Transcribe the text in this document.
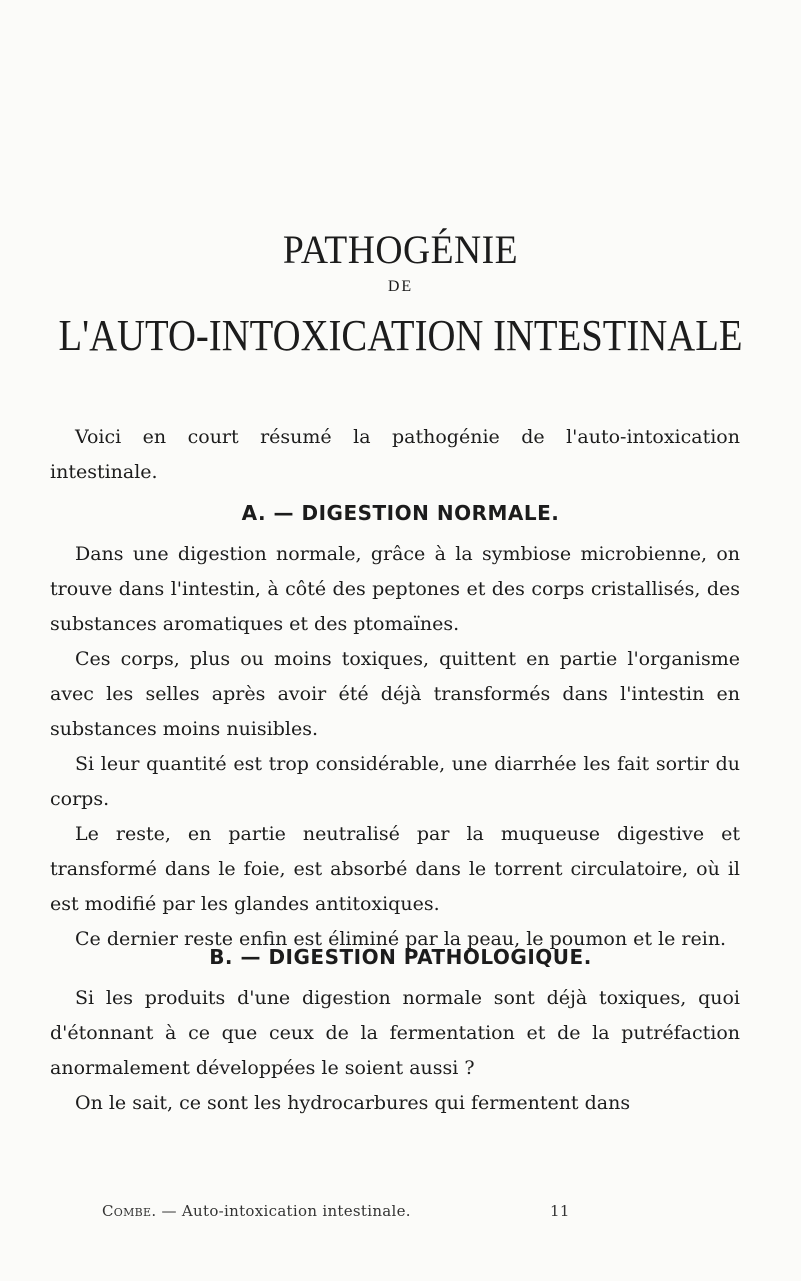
PATHOGÉNIE
DE
L'AUTO-INTOXICATION INTESTINALE

Voici en court résumé la pathogénie de l'auto-intoxication intestinale.

A. — DIGESTION NORMALE.

Dans une digestion normale, grâce à la symbiose microbienne, on trouve dans l'intestin, à côté des peptones et des corps cristallisés, des substances aromatiques et des ptomaïnes.

Ces corps, plus ou moins toxiques, quittent en partie l'organisme avec les selles après avoir été déjà transformés dans l'intestin en substances moins nuisibles.

Si leur quantité est trop considérable, une diarrhée les fait sortir du corps.

Le reste, en partie neutralisé par la muqueuse digestive et transformé dans le foie, est absorbé dans le torrent circulatoire, où il est modifié par les glandes antitoxiques.

Ce dernier reste enfin est éliminé par la peau, le poumon et le rein.

B. — DIGESTION PATHOLOGIQUE.

Si les produits d'une digestion normale sont déjà toxiques, quoi d'étonnant à ce que ceux de la fermentation et de la putréfaction anormalement développées le soient aussi ?

On le sait, ce sont les hydrocarbures qui fermentent dans

Combe. — Auto-intoxication intestinale.	11
